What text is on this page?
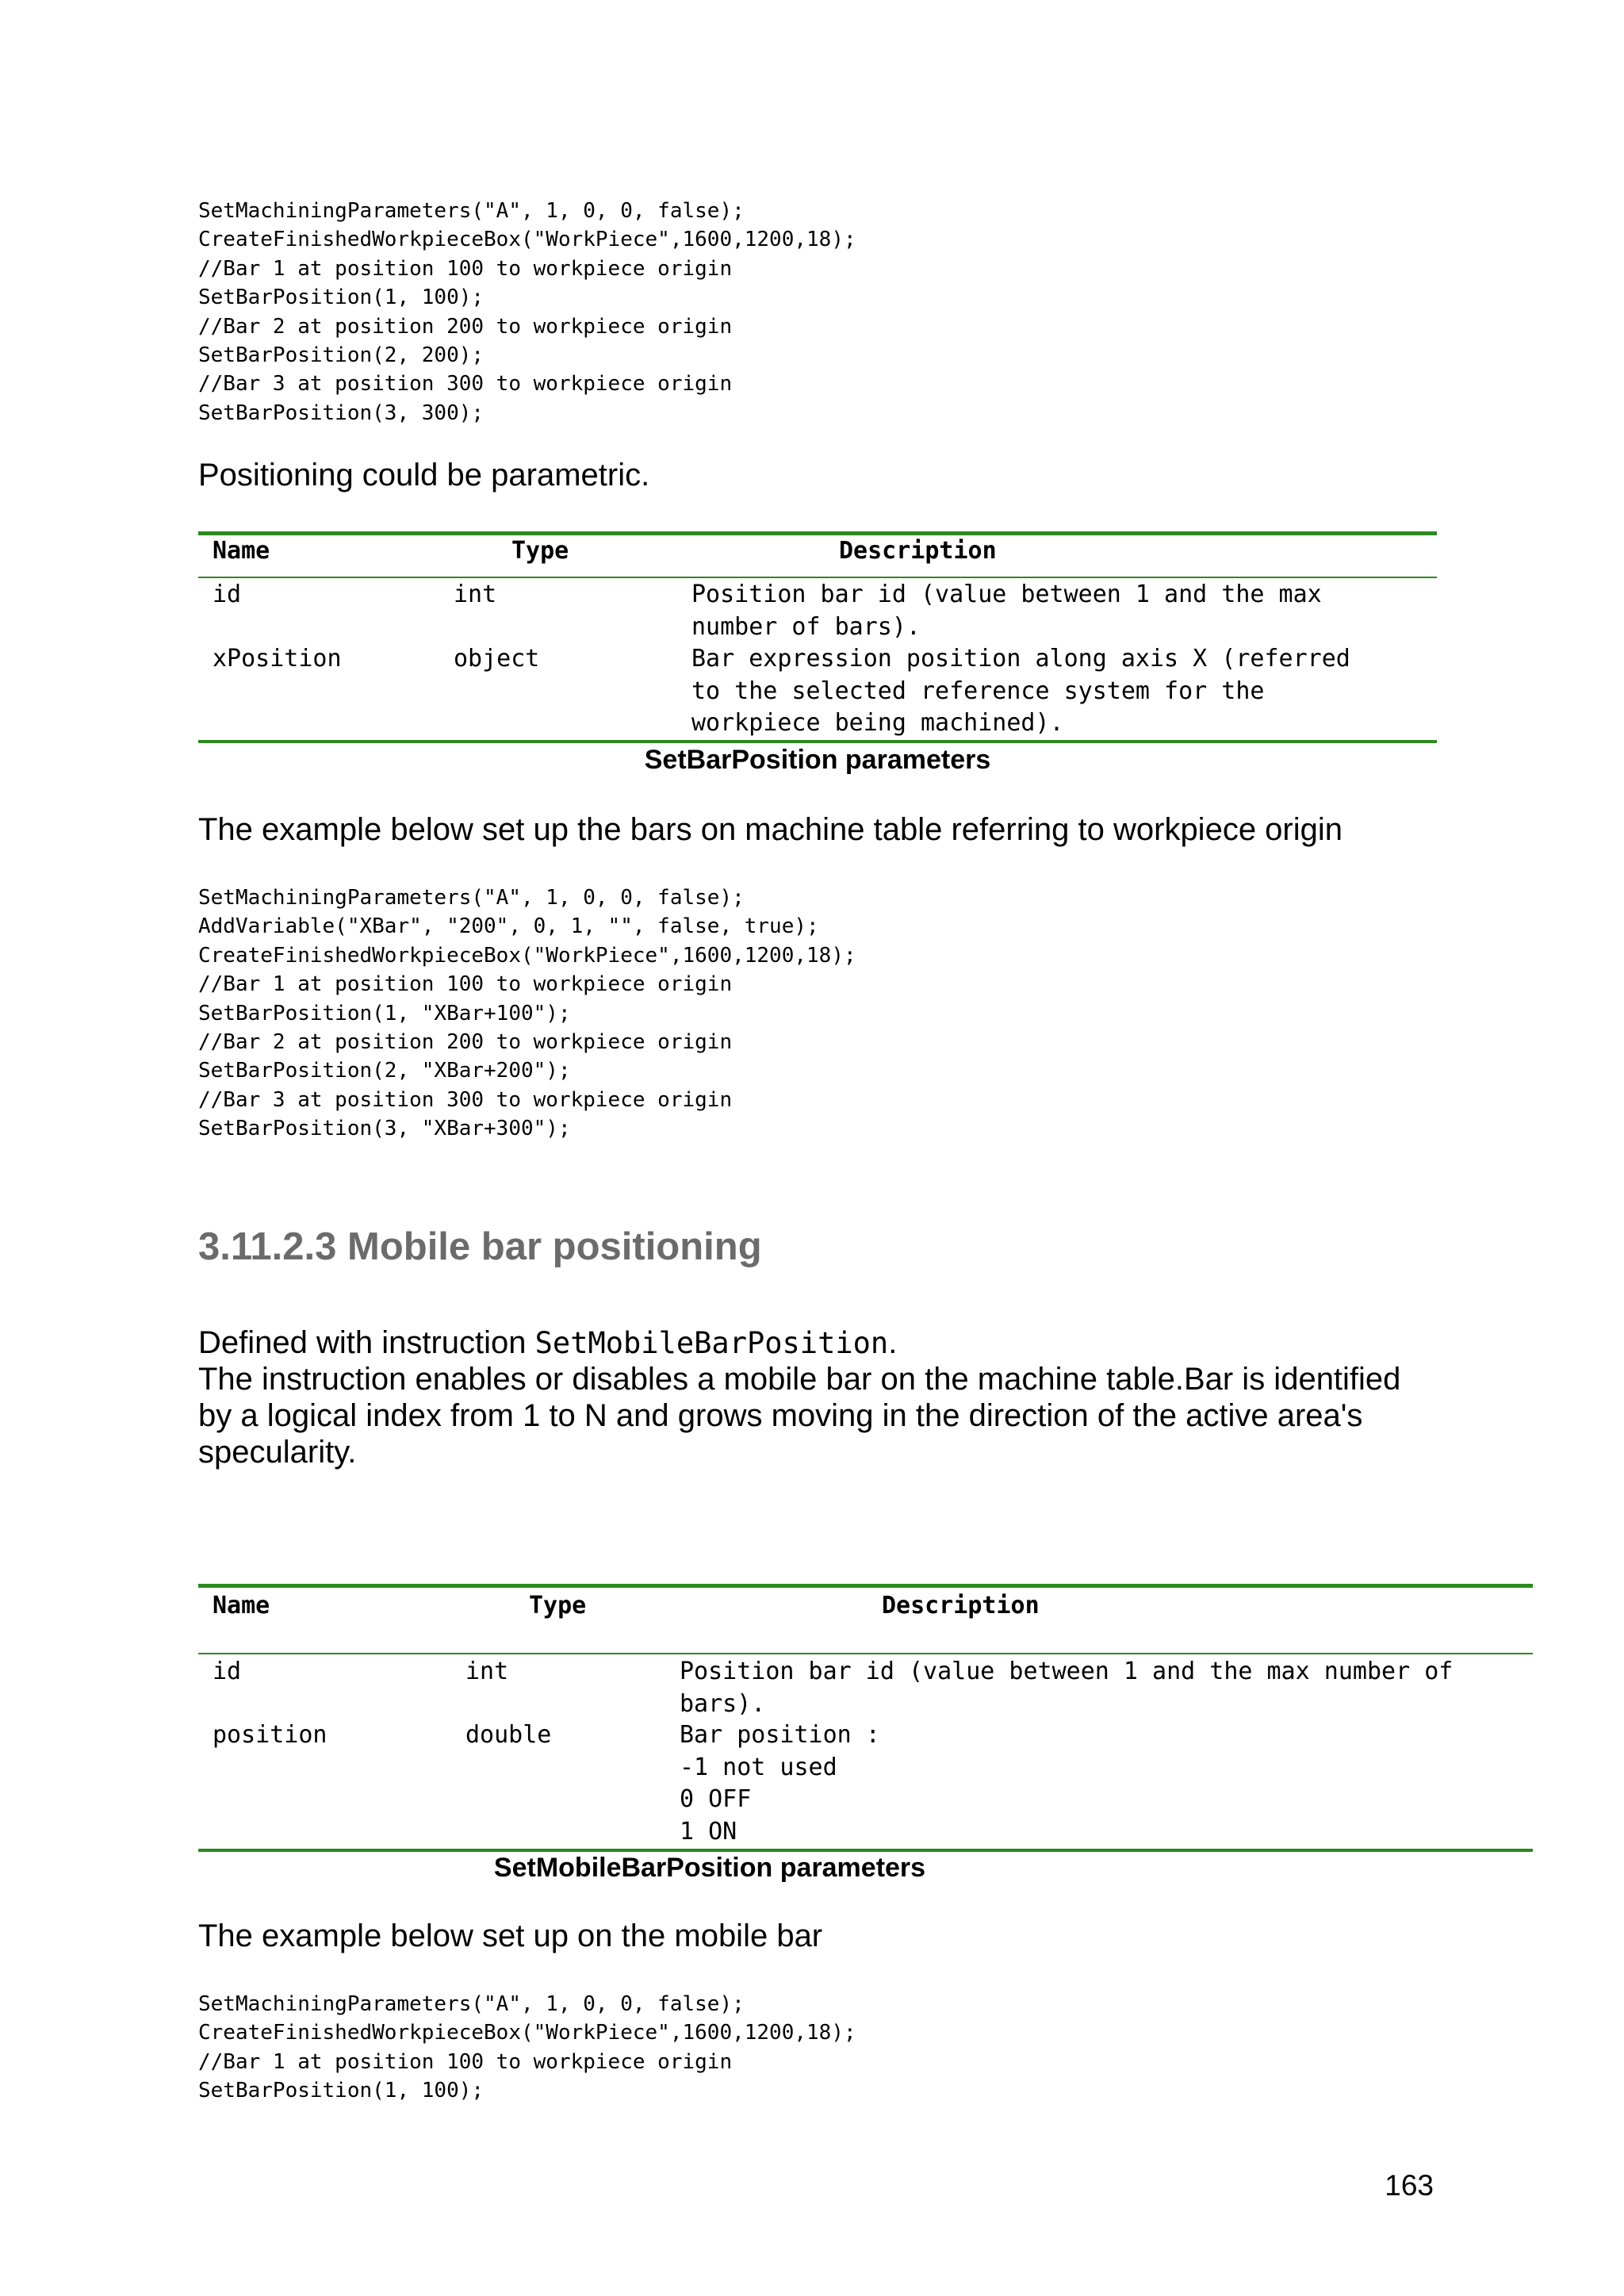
SetMachiningParameters("A", 1, 0, 0, false);
CreateFinishedWorkpieceBox("WorkPiece",1600,1200,18);
//Bar 1 at position 100 to workpiece origin
SetBarPosition(1, 100);
//Bar 2 at position 200 to workpiece origin
SetBarPosition(2, 200);
//Bar 3 at position 300 to workpiece origin
SetBarPosition(3, 300);
Positioning could be parametric.
Name	Type	Description
id	int	Position bar id (value between 1 and the max
number of bars).
xPosition	object	Bar expression position along axis X (referred
to the selected reference system for the
workpiece being machined).
SetBarPosition parameters
The example below set up the bars on machine table referring to workpiece origin
SetMachiningParameters("A", 1, 0, 0, false);
AddVariable("XBar", "200", 0, 1, "", false, true);
CreateFinishedWorkpieceBox("WorkPiece",1600,1200,18);
//Bar 1 at position 100 to workpiece origin
SetBarPosition(1, "XBar+100");
//Bar 2 at position 200 to workpiece origin
SetBarPosition(2, "XBar+200");
//Bar 3 at position 300 to workpiece origin
SetBarPosition(3, "XBar+300");
3.11.2.3 Mobile bar positioning
Defined with instruction SetMobileBarPosition.
The instruction enables or disables a mobile bar on the machine table.Bar is identified
by a logical index from 1 to N and grows moving in the direction of the active area's
specularity.
Name	Type	Description
id	int	Position bar id (value between 1 and the max number of
bars).
position	double	Bar position :
-1 not used
0 OFF
1 ON
SetMobileBarPosition parameters
The example below set up on the mobile bar
SetMachiningParameters("A", 1, 0, 0, false);
CreateFinishedWorkpieceBox("WorkPiece",1600,1200,18);
//Bar 1 at position 100 to workpiece origin
SetBarPosition(1, 100);
163
